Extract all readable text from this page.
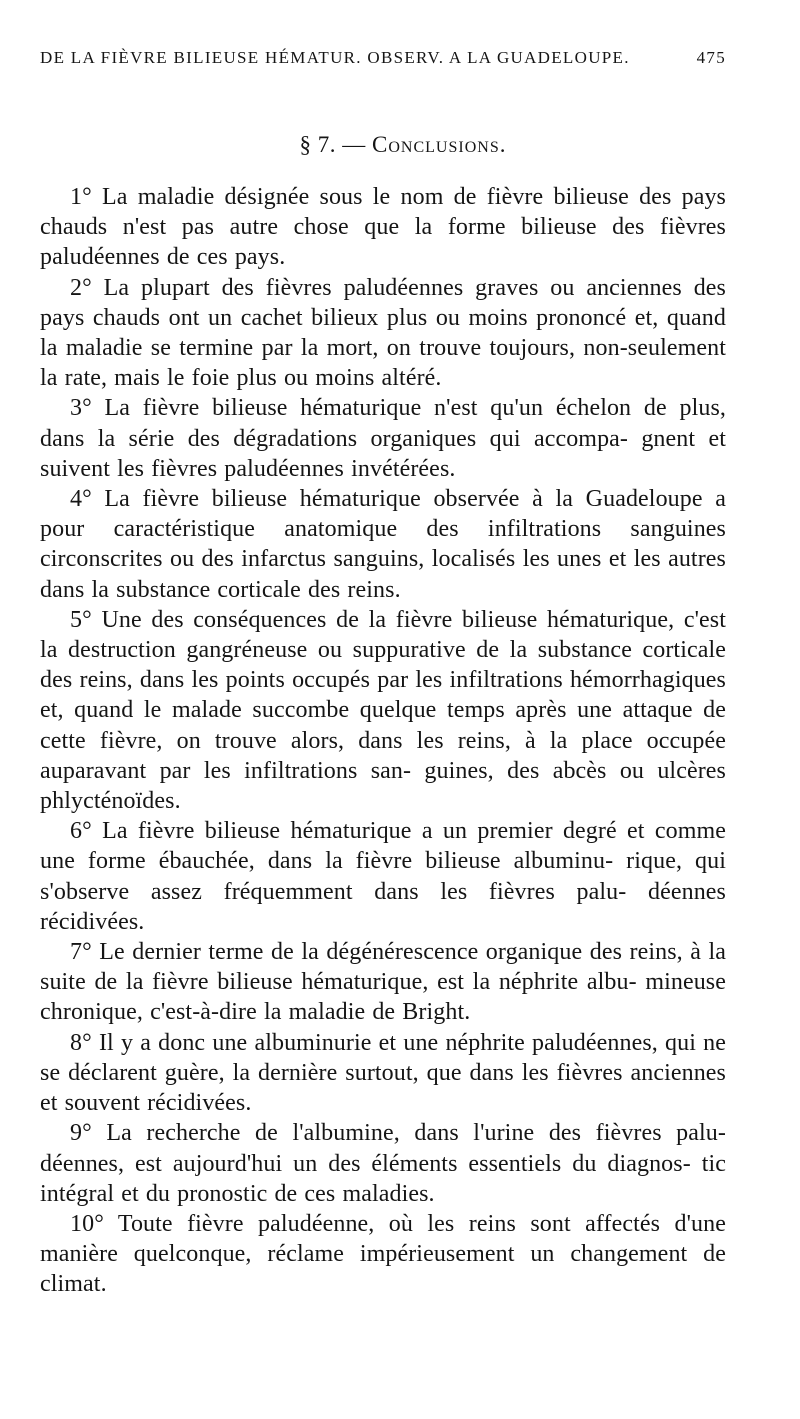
DE LA FIÈVRE BILIEUSE HÉMATUR. OBSERV. A LA GUADELOUPE.	475
§ 7. — Conclusions.

1° La maladie désignée sous le nom de fièvre bilieuse des pays chauds n'est pas autre chose que la forme bilieuse des fièvres paludéennes de ces pays.

2° La plupart des fièvres paludéennes graves ou anciennes des pays chauds ont un cachet bilieux plus ou moins prononcé et, quand la maladie se termine par la mort, on trouve toujours, non-seulement la rate, mais le foie plus ou moins altéré.

3° La fièvre bilieuse hématurique n'est qu'un échelon de plus, dans la série des dégradations organiques qui accompa- gnent et suivent les fièvres paludéennes invétérées.

4° La fièvre bilieuse hématurique observée à la Guadeloupe a pour caractéristique anatomique des infiltrations sanguines circonscrites ou des infarctus sanguins, localisés les unes et les autres dans la substance corticale des reins.

5° Une des conséquences de la fièvre bilieuse hématurique, c'est la destruction gangréneuse ou suppurative de la substance corticale des reins, dans les points occupés par les infiltrations hémorrhagiques et, quand le malade succombe quelque temps après une attaque de cette fièvre, on trouve alors, dans les reins, à la place occupée auparavant par les infiltrations san- guines, des abcès ou ulcères phlycténoïdes.

6° La fièvre bilieuse hématurique a un premier degré et comme une forme ébauchée, dans la fièvre bilieuse albuminu- rique, qui s'observe assez fréquemment dans les fièvres palu- déennes récidivées.

7° Le dernier terme de la dégénérescence organique des reins, à la suite de la fièvre bilieuse hématurique, est la néphrite albu- mineuse chronique, c'est-à-dire la maladie de Bright.

8° Il y a donc une albuminurie et une néphrite paludéennes, qui ne se déclarent guère, la dernière surtout, que dans les fièvres anciennes et souvent récidivées.

9° La recherche de l'albumine, dans l'urine des fièvres palu- déennes, est aujourd'hui un des éléments essentiels du diagnos- tic intégral et du pronostic de ces maladies.

10° Toute fièvre paludéenne, où les reins sont affectés d'une manière quelconque, réclame impérieusement un changement de climat.
